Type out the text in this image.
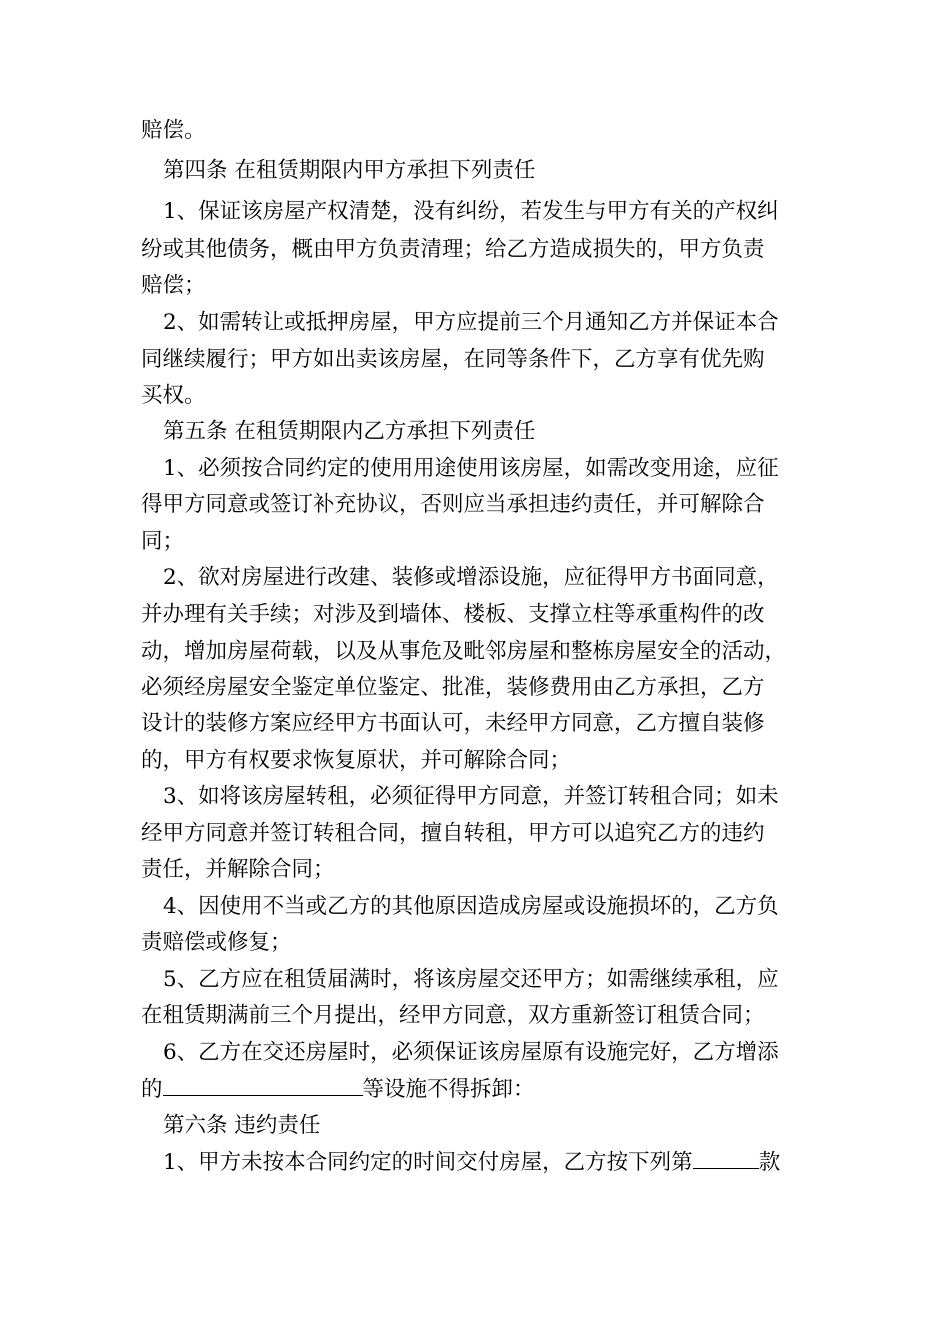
赔偿。
第四条 在租赁期限内甲方承担下列责任
1、保证该房屋产权清楚，没有纠纷，若发生与甲方有关的产权纠
纷或其他债务，概由甲方负责清理；给乙方造成损失的，甲方负责
赔偿；
2、如需转让或抵押房屋，甲方应提前三个月通知乙方并保证本合
同继续履行；甲方如出卖该房屋，在同等条件下，乙方享有优先购
买权。
第五条 在租赁期限内乙方承担下列责任
1、必须按合同约定的使用用途使用该房屋，如需改变用途，应征
得甲方同意或签订补充协议，否则应当承担违约责任，并可解除合
同；
2、欲对房屋进行改建、装修或增添设施，应征得甲方书面同意，
并办理有关手续；对涉及到墙体、楼板、支撑立柱等承重构件的改
动，增加房屋荷载，以及从事危及毗邻房屋和整栋房屋安全的活动，
必须经房屋安全鉴定单位鉴定、批准，装修费用由乙方承担，乙方
设计的装修方案应经甲方书面认可，未经甲方同意，乙方擅自装修
的，甲方有权要求恢复原状，并可解除合同；
3、如将该房屋转租，必须征得甲方同意，并签订转租合同；如未
经甲方同意并签订转租合同，擅自转租，甲方可以追究乙方的违约
责任，并解除合同；
4、因使用不当或乙方的其他原因造成房屋或设施损坏的，乙方负
责赔偿或修复；
5、乙方应在租赁届满时，将该房屋交还甲方；如需继续承租，应
在租赁期满前三个月提出，经甲方同意，双方重新签订租赁合同；
6、乙方在交还房屋时，必须保证该房屋原有设施完好，乙方增添
的	等设施不得拆卸：
第六条 违约责任
1、甲方未按本合同约定的时间交付房屋，乙方按下列第	款
